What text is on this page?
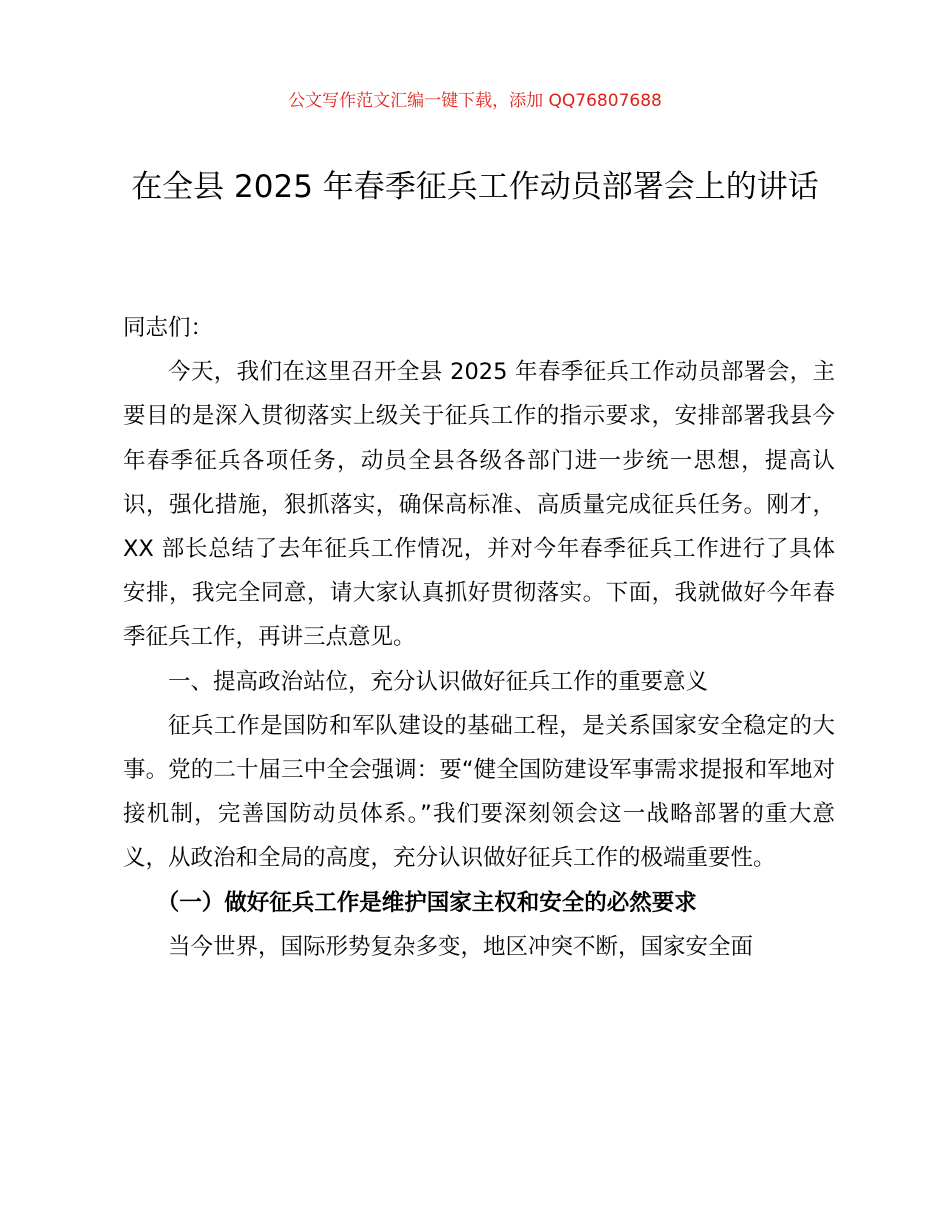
公文写作范文汇编一键下载，添加 QQ76807688
在全县 2025 年春季征兵工作动员部署会上的讲话

同志们：

今天，我们在这里召开全县 2025 年春季征兵工作动员部署会，主要目的是深入贯彻落实上级关于征兵工作的指示要求，安排部署我县今年春季征兵各项任务，动员全县各级各部门进一步统一思想，提高认识，强化措施，狠抓落实，确保高标准、高质量完成征兵任务。刚才，XX 部长总结了去年征兵工作情况，并对今年春季征兵工作进行了具体安排，我完全同意，请大家认真抓好贯彻落实。下面，我就做好今年春季征兵工作，再讲三点意见。

一、提高政治站位，充分认识做好征兵工作的重要意义

征兵工作是国防和军队建设的基础工程，是关系国家安全稳定的大事。党的二十届三中全会强调：要“健全国防建设军事需求提报和军地对接机制，完善国防动员体系。”我们要深刻领会这一战略部署的重大意义，从政治和全局的高度，充分认识做好征兵工作的极端重要性。

（一）做好征兵工作是维护国家主权和安全的必然要求

当今世界，国际形势复杂多变，地区冲突不断，国家安全面
